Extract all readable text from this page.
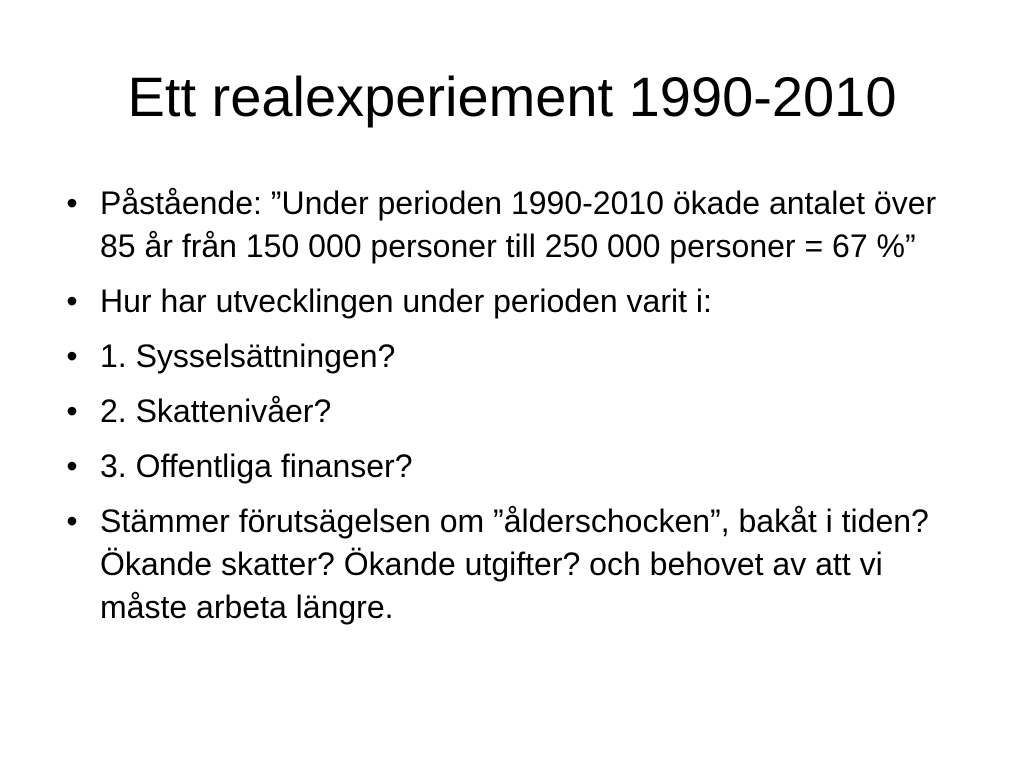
Ett realexperiement 1990-2010
• Påstående: ”Under perioden 1990-2010 ökade antalet över 85 år från 150 000 personer till 250 000 personer = 67 %”
• Hur har utvecklingen under perioden varit i:
• 1. Sysselsättningen?
• 2. Skattenivåer?
• 3. Offentliga finanser?
• Stämmer förutsägelsen om ”ålderschocken”, bakåt i tiden? Ökande skatter? Ökande utgifter? och behovet av att vi måste arbeta längre.
